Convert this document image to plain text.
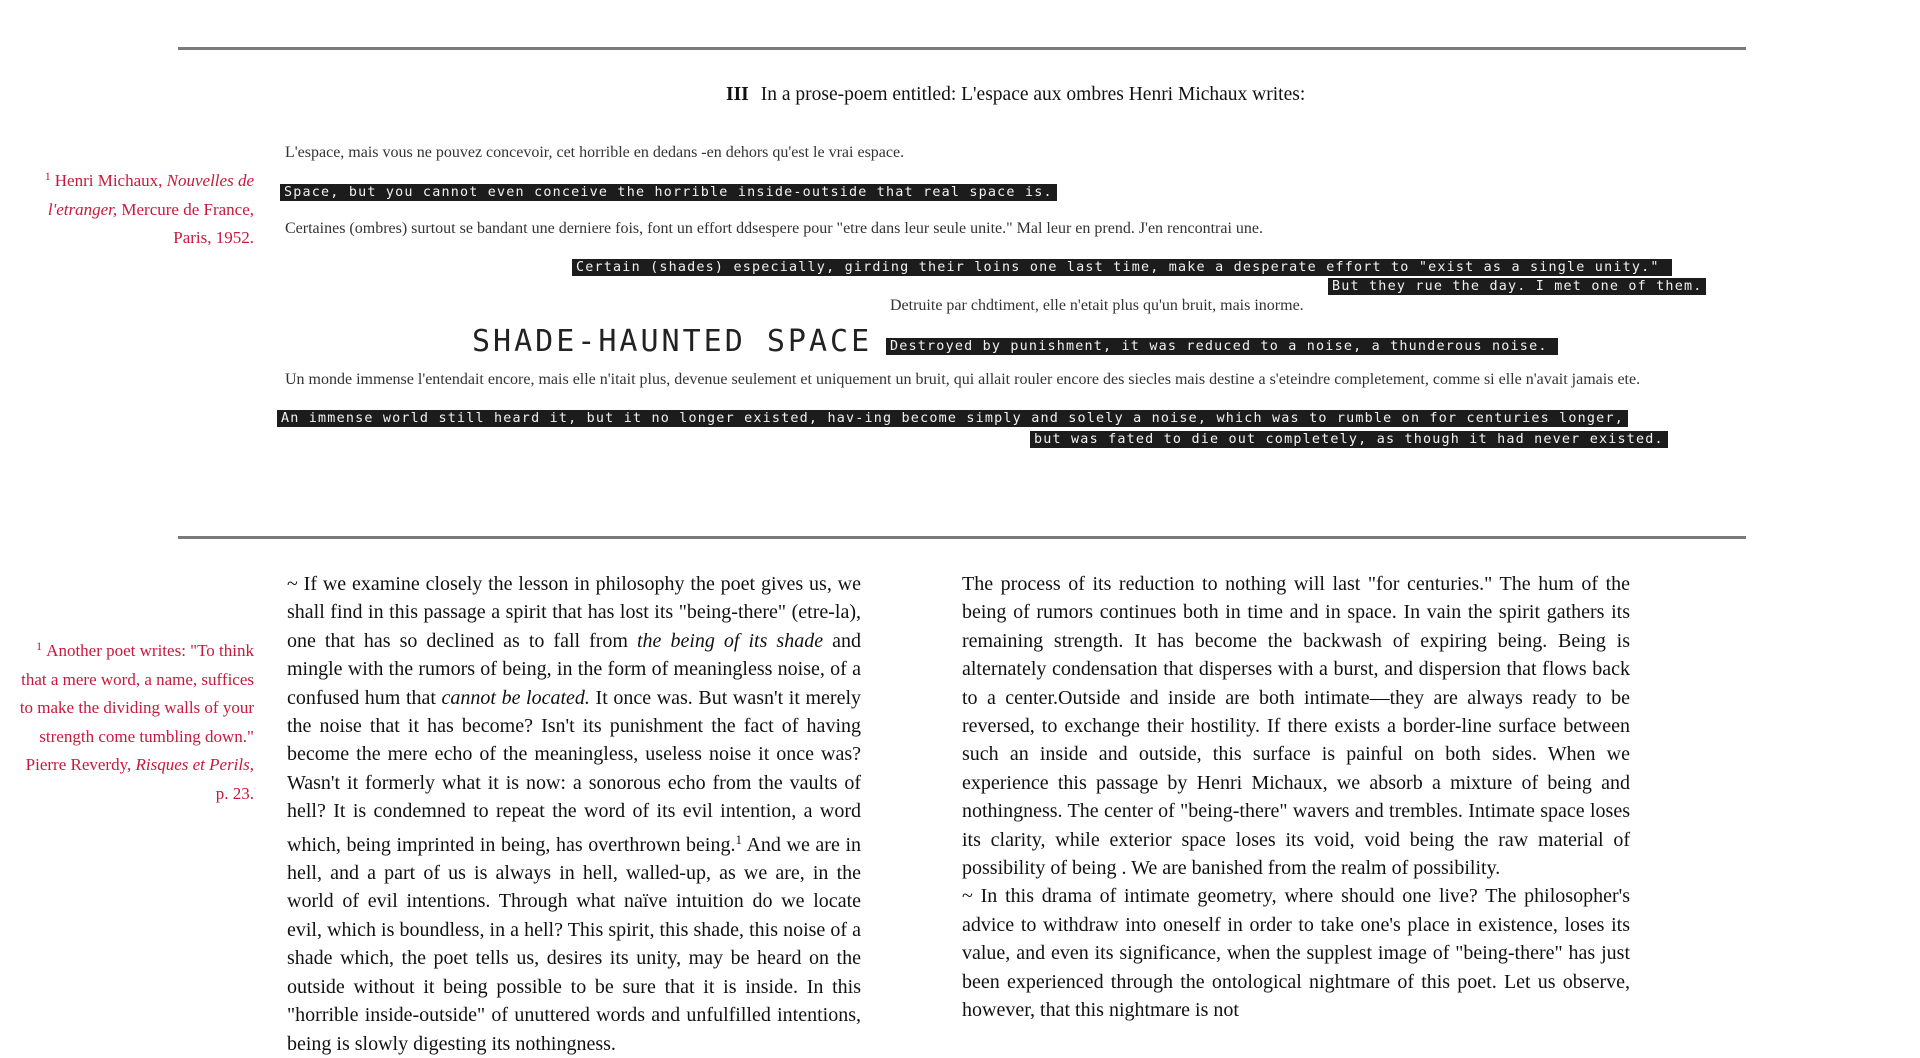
III In a prose-poem entitled: L'espace aux ombres Henri Michaux writes:
$^1$ Henri Michaux, Nouvelles de l'etranger, Mercure de France, Paris, 1952.
L'espace, mais vous ne pouvez concevoir, cet horrible en dedans -en dehors qu'est le vrai espace.
Space, but you cannot even conceive the horrible inside-outside that real space is.
Certaines (ombres) surtout se bandant une derniere fois, font un effort ddsespere pour "etre dans leur seule unite." Mal leur en prend. J'en rencontrai une.
Certain (shades) especially, girding their loins one last time, make a desperate effort to "exist as a single unity."
But they rue the day. I met one of them.
Detruite par chdtiment, elle n'etait plus qu'un bruit, mais inorme.
SHADE-HAUNTED SPACE Destroyed by punishment, it was reduced to a noise, a thunderous noise.
Un monde immense l'entendait encore, mais elle n'itait plus, devenue seulement et uniquement un bruit, qui allait rouler encore des siecles mais destine a s'eteindre completement, comme si elle n'avait jamais ete.
An immense world still heard it, but it no longer existed, hav-ing become simply and solely a noise, which was to rumble on for centuries longer,
but was fated to die out completely, as though it had never existed.
$^1$ Another poet writes: "To think that a mere word, a name, suffices to make the dividing walls of your strength come tumbling down." Pierre Reverdy, Risques et Perils, p. 23.

~ If we examine closely the lesson in philosophy the poet gives us, we shall find in this passage a spirit that has lost its "being-there" (etre-la), one that has so declined as to fall from the being of its shade and mingle with the rumors of being, in the form of meaningless noise, of a confused hum that cannot be located. It once was. But wasn't it merely the noise that it has become? Isn't its punishment the fact of having become the mere echo of the meaningless, useless noise it once was? Wasn't it formerly what it is now: a sonorous echo from the vaults of hell? It is condemned to repeat the word of its evil intention, a word which, being imprinted in being, has overthrown being.$^1$ And we are in hell, and a part of us is always in hell, walled-up, as we are, in the world of evil intentions. Through what naïve intuition do we locate evil, which is boundless, in a hell? This spirit, this shade, this noise of a shade which, the poet tells us, desires its unity, may be heard on the outside without it being possible to be sure that it is inside. In this "horrible inside-outside" of unuttered words and unfulfilled intentions, being is slowly digesting its nothingness.

The process of its reduction to nothing will last "for centuries." The hum of the being of rumors continues both in time and in space. In vain the spirit gathers its remaining strength. It has become the backwash of expiring being. Being is alternately condensation that disperses with a burst, and dispersion that flows back to a center.Outside and inside are both intimate—they are always ready to be reversed, to exchange their hostility. If there exists a border-line surface between such an inside and outside, this surface is painful on both sides. When we experience this passage by Henri Michaux, we absorb a mixture of being and nothingness. The center of "being-there" wavers and trembles. Intimate space loses its clarity, while exterior space loses its void, void being the raw material of possibility of being . We are banished from the realm of possibility.

~ In this drama of intimate geometry, where should one live? The philosopher's advice to withdraw into oneself in order to take one's place in existence, loses its value, and even its significance, when the supplest image of "being-there" has just been experienced through the ontological nightmare of this poet. Let us observe, however, that this nightmare is not
